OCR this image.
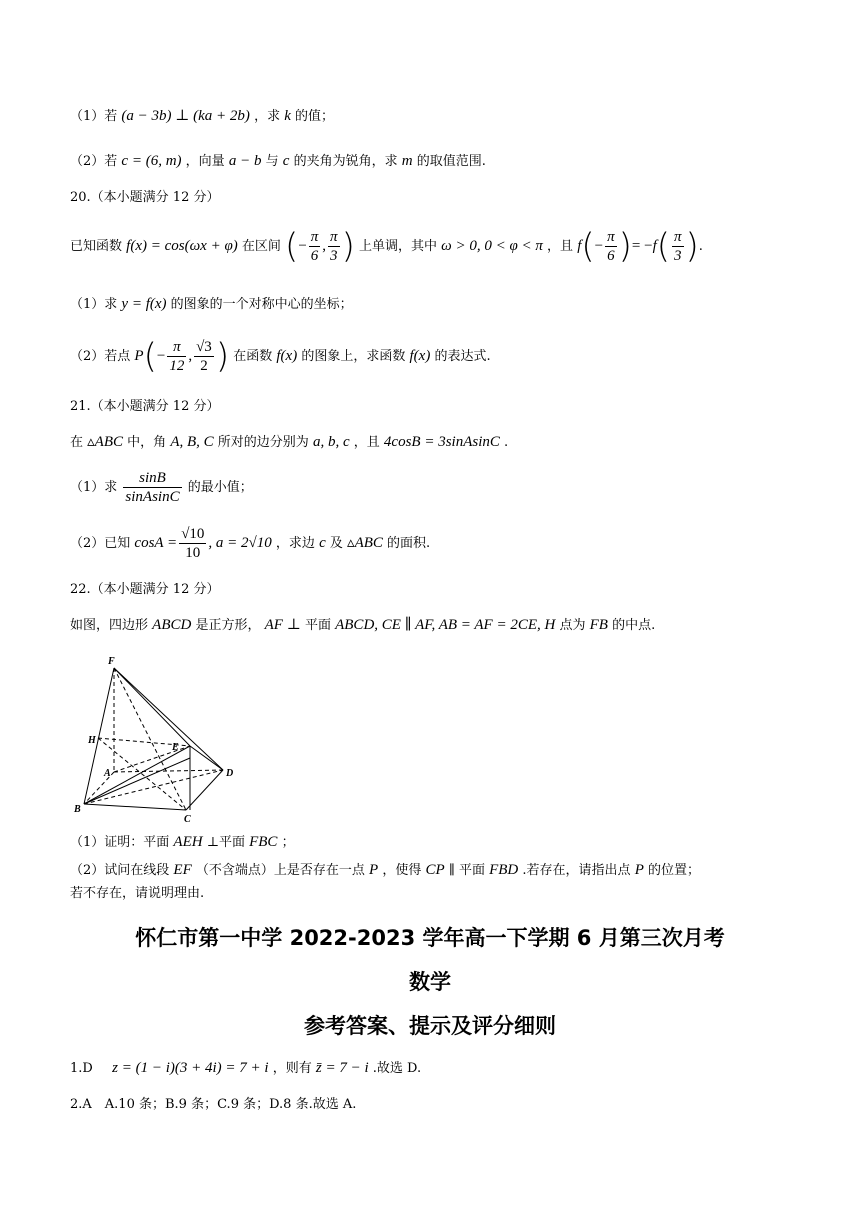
（1）若 (a − 3b) ⊥ (ka + 2b) ，求 k 的值；
（2）若 c = (6, m) ，向量 a − b 与 c 的夹角为锐角，求 m 的取值范围.
20.（本小题满分 12 分）
已知函数 f(x) = cos(ωx + φ) 在区间 (− $\frac{\pi}{6}$ , $\frac{\pi}{3}$ ) 上单调，其中 ω > 0, 0 < φ < π ，且 $f(- \frac{\pi}{6}$ )= $-f( \frac{\pi}{3}$ ).
（1）求 y = f(x) 的图象的一个对称中心的坐标；
（2）若点 $P(- \frac{\pi}{12}$ , $\frac{√3}{2}$ ) 在函数 f(x) 的图象上，求函数 f(x) 的表达式.
21.（本小题满分 12 分）
在 ▵ABC 中，角 A, B, C 所对的边分别为 a, b, c ，且 4cosB = 3sinAsinC .
（1）求 $\frac{\sin B}{\text{sinAsinC}}$ 的最小值；
（2）已知 $\cos A = \frac{√10}{10}$ , a = 2√10 ，求边 c 及 ▵ABC 的面积.
22.（本小题满分 12 分）
如图，四边形 ABCD 是正方形， AF ⊥ 平面 ABCD, CE ∥ AF, AB = AF = 2CE, H 点为 FB 的中点.
F
H
E
A	D
B
C
（1）证明：平面 AEH ⊥平面 FBC ；
（2）试问在线段 EF （不含端点）上是否存在一点 P ，使得 CP ∥ 平面 FBD .若存在，请指出点 P 的位置；
若不存在，请说明理由.
怀仁市第一中学 2022-2023 学年高一下学期 6 月第三次月考
数学
参考答案、提示及评分细则
1.D z = (1 − i)(3 + 4i) = 7 + i ，则有 z̄ = 7 − i .故选 D.
2.A　A.10 条；B.9 条；C.9 条；D.8 条.故选 A.
